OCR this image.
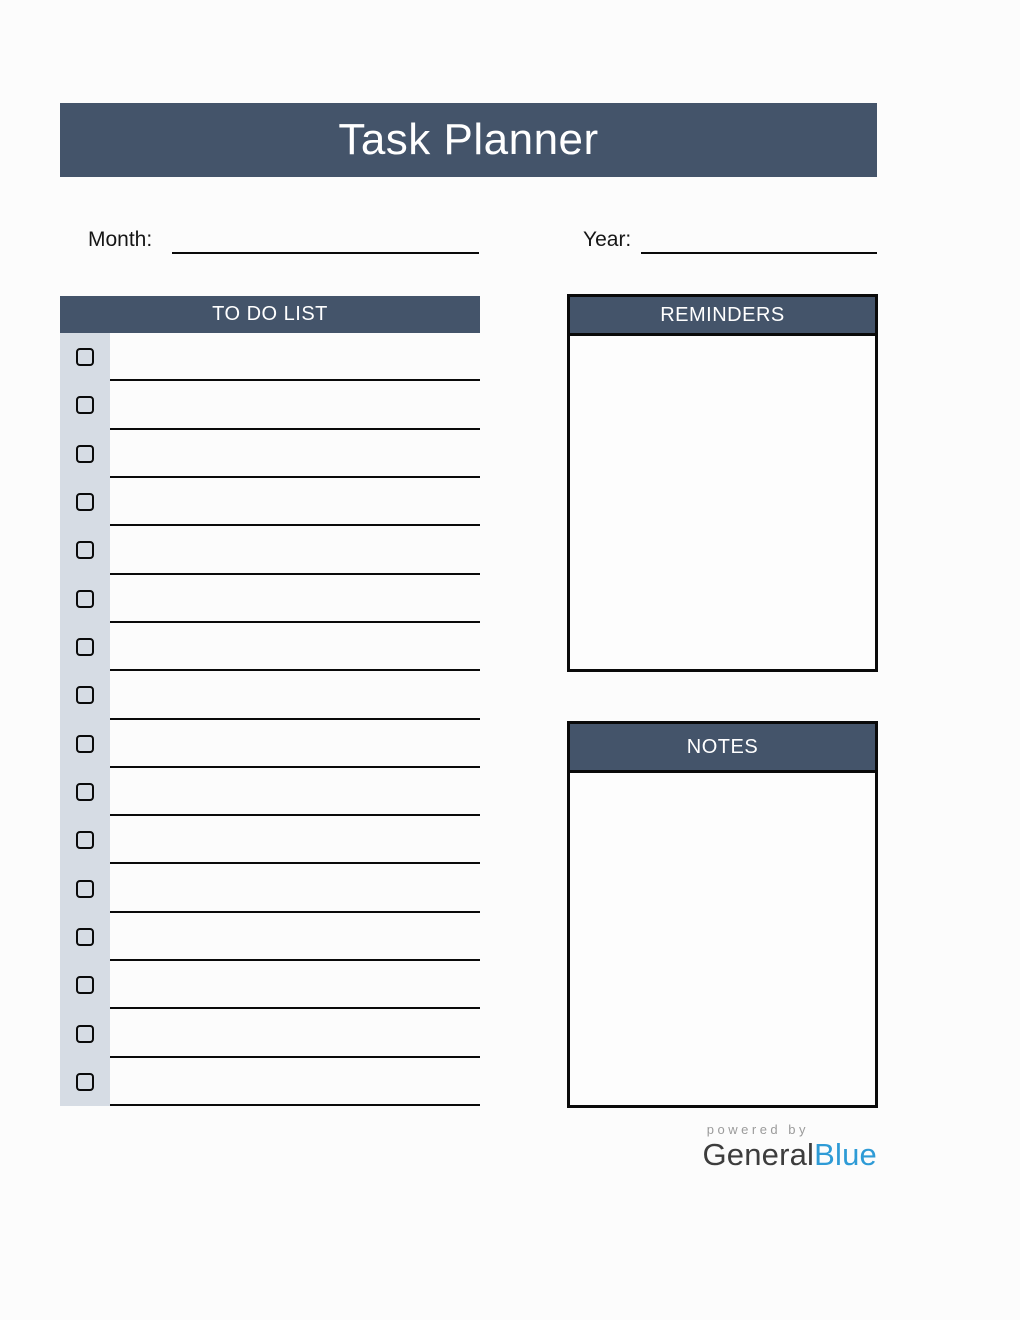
Task Planner
Month:	Year:
TO DO LIST	REMINDERS
NOTES
powered by
GeneralBlue
